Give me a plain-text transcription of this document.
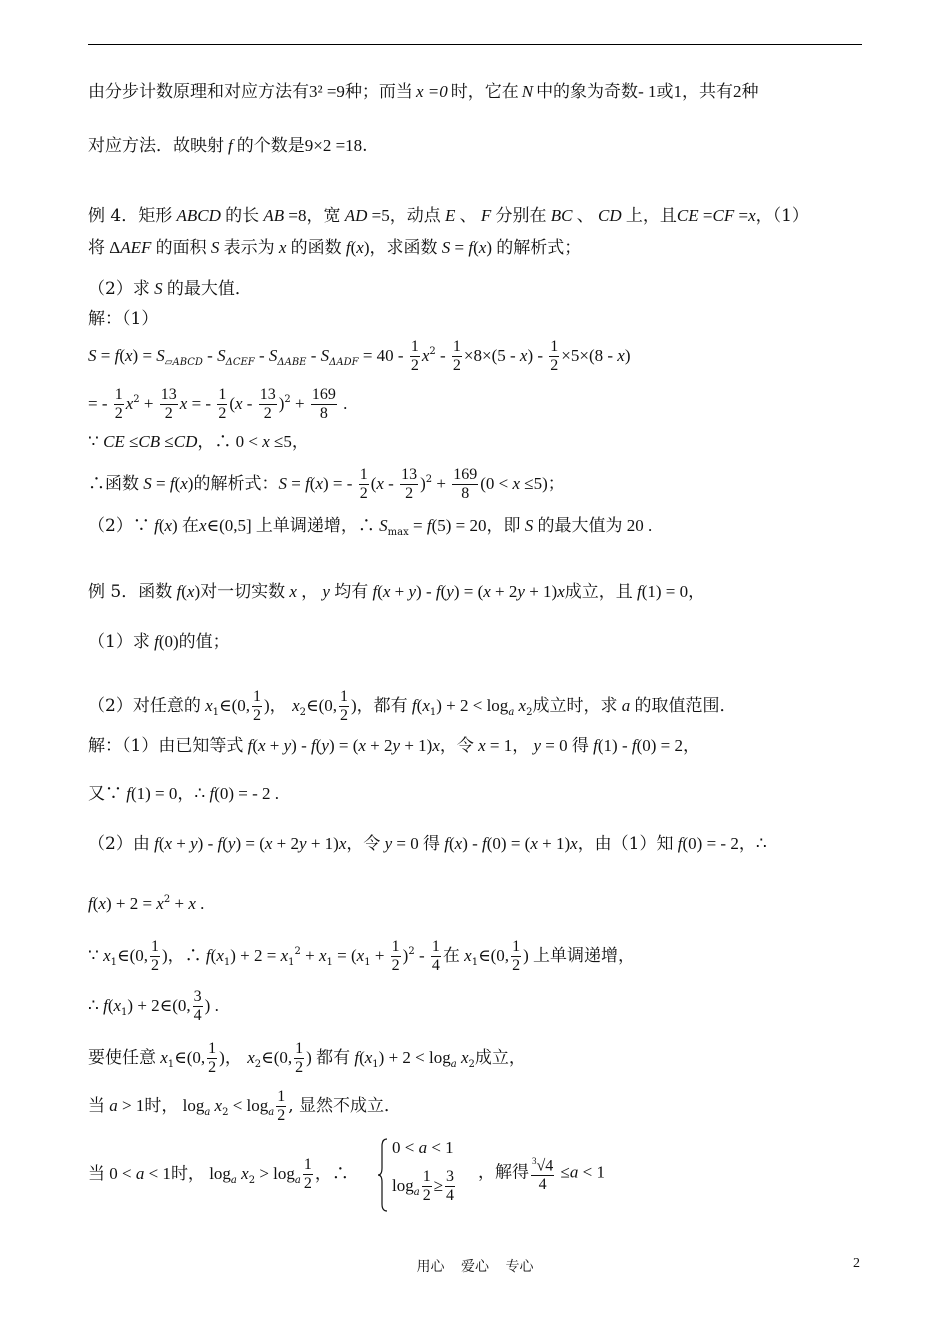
由分步计数原理和对应方法有3² =9种；而当 x =0 时，它在 N 中的象为奇数- 1或1，共有2种
对应方法．故映射 f 的个数是9×2 =18.
例 4．矩形 ABCD 的长 AB =8，宽 AD =5，动点 E 、 F 分别在 BC 、 CD 上，且CE =CF =x，（1）
将 ΔAEF 的面积 S 表示为 x 的函数 f(x)，求函数 S = f(x) 的解析式；
（2）求 S 的最大值．
解：（1）
$S = f(x) = S_{▱ABCD} - S_{\Delta CEF} - S_{\Delta ABE} - S_{\Delta ADF} = 40 - \frac{1}{2} x^2 - \frac{1}{2} \times 8\times(5 - x) - \frac{1}{2} \times 5\times(8 - x)$
= - $\frac{1}{2} x^2 + \frac{13}{2}$ x = - $\frac{1}{2} (x - \frac{13}{2} )^2 + \frac{169}{8}$ .
∵ CE ≤CB ≤CD，∴ 0 < x ≤5，
∴函数 S = f(x)的解析式：S = f(x) = - $\frac{1}{2} (x - \frac{13}{2} )^2 + \frac{169}{8} (0 < x \le 5)$；
（2）∵ f(x) 在x∈(0,5] 上单调递增，∴ $S_{max} = f(5) = 20$，即 S 的最大值为 20 .
例 5．函数 f(x)对一切实数 x ， y 均有 f(x + y) - f(y) = (x + 2y + 1)x成立，且 f(1) = 0，
（1）求 f(0)的值；
（2）对任意的 $x_1\in(0$, $\frac{1}{2}$ )， $x_2\in(0$, $\frac{1}{2}$ )，都有 $f(x_1) + 2 < \log_a x_2$成立时，求 a 的取值范围．
解：（1）由已知等式 f(x + y) - f(y) = (x + 2y + 1)x，令 x = 1， y = 0 得 f(1) - f(0) = 2，
又∵ f(1) = 0，∴ f(0) = - 2 .
（2）由 f(x + y) - f(y) = (x + 2y + 1)x，令 y = 0 得 f(x) - f(0) = (x + 1)x，由（1）知 f(0) = - 2，∴
$f(x) + 2 = x^2 + x$ .
∵ $x_1\in(0$, $\frac{1}{2}$ )，∴ $f(x_1) + 2 = x_1^2 + x_1 = (x_1 + \frac{1}{2} )^2 - \frac{1}{4}$ 在 $x_1\in(0$, $\frac{1}{2}$ ) 上单调递增，
∴ $f(x_1)$ + 2∈(0, $\frac{3}{4}$ ) .
要使任意 $x_1\in(0$, $\frac{1}{2}$ )， $x_2\in(0$, $\frac{1}{2}$ ) 都有 $f(x_1) + 2 < \log_a x_2$成立，
当 a > 1时， $\log_a x_2 < \log_a \frac{1}{2}$ , 显然不成立．
当 0 < a < 1时， $\log_a x_2 > \log_a \frac{1}{2}$ ，∴
0 < a < 1
$\log_a \frac{1}{2} \ge \frac{3}{4}$ ，解得 $\frac{^3√4}{4} \le a < 1$
用心 爱心 专心	2
